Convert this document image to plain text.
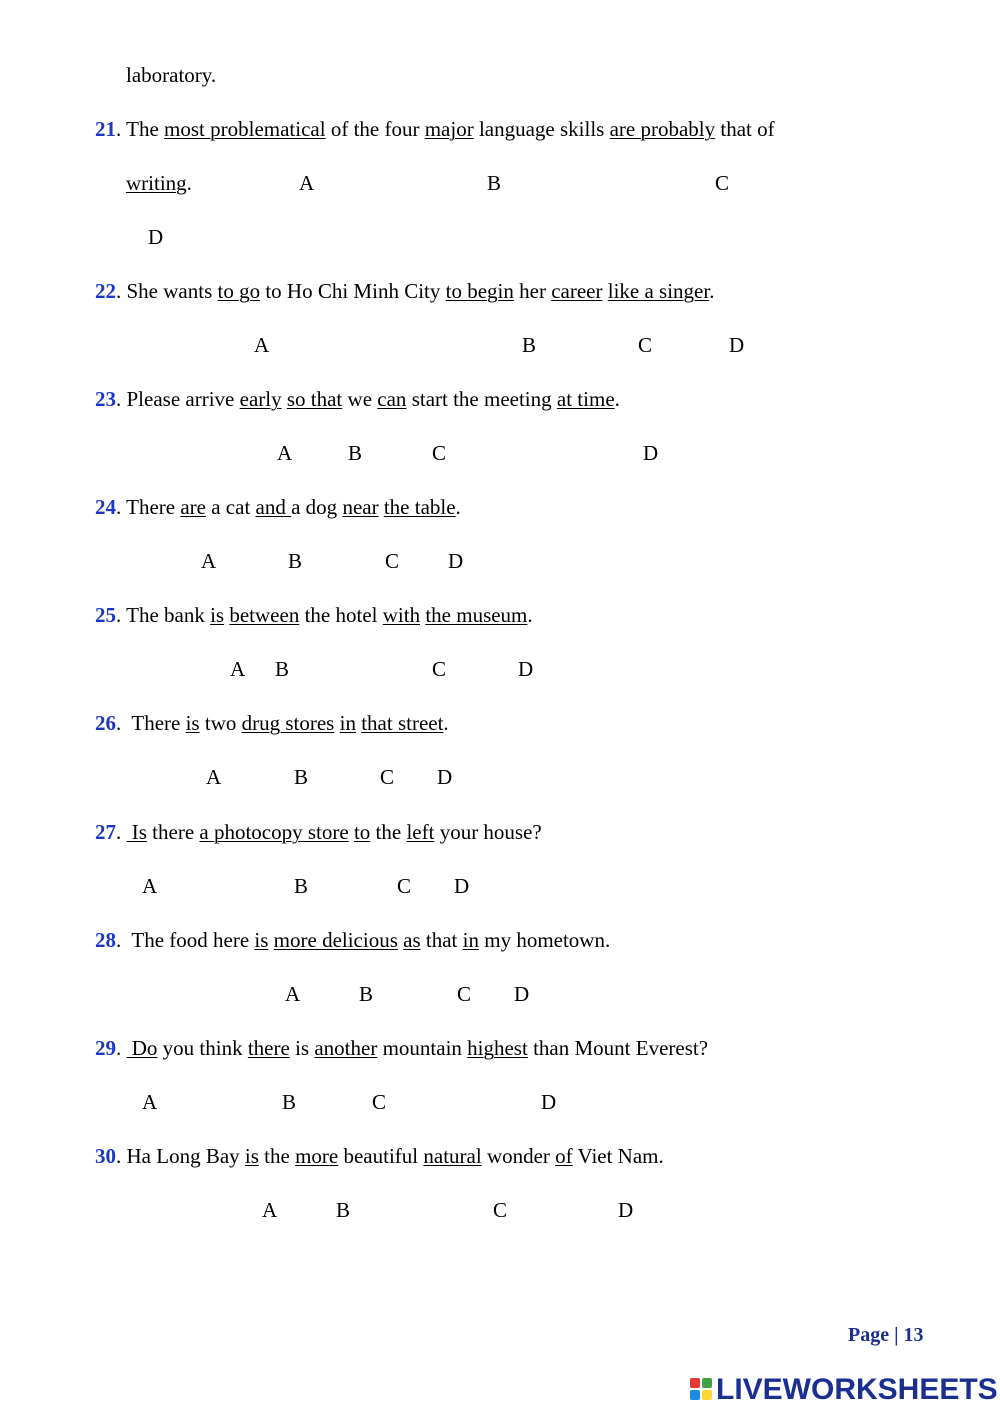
laboratory.
21. The most problematical of the four major language skills are probably that of
writing.	A	B	C
D
22. She wants to go to Ho Chi Minh City to begin her career like a singer.
A	B	C	D
23. Please arrive early so that we can start the meeting at time.
A	B	C	D
24. There are a cat and a dog near the table.
A	B	C D
25. The bank is between the hotel with the museum.
A B	C	D
26.  There is two drug stores in that street.
A	B	C D
27.  Is there a photocopy store to the left your house?
A	B	C D
28.  The food here is more delicious as that in my hometown.
A	B	C D
29.  Do you think there is another mountain highest than Mount Everest?
A	B	C	D
30. Ha Long Bay is the more beautiful natural wonder of Viet Nam.
A	B	C	D
Page | 13
LIVEWORKSHEETS
